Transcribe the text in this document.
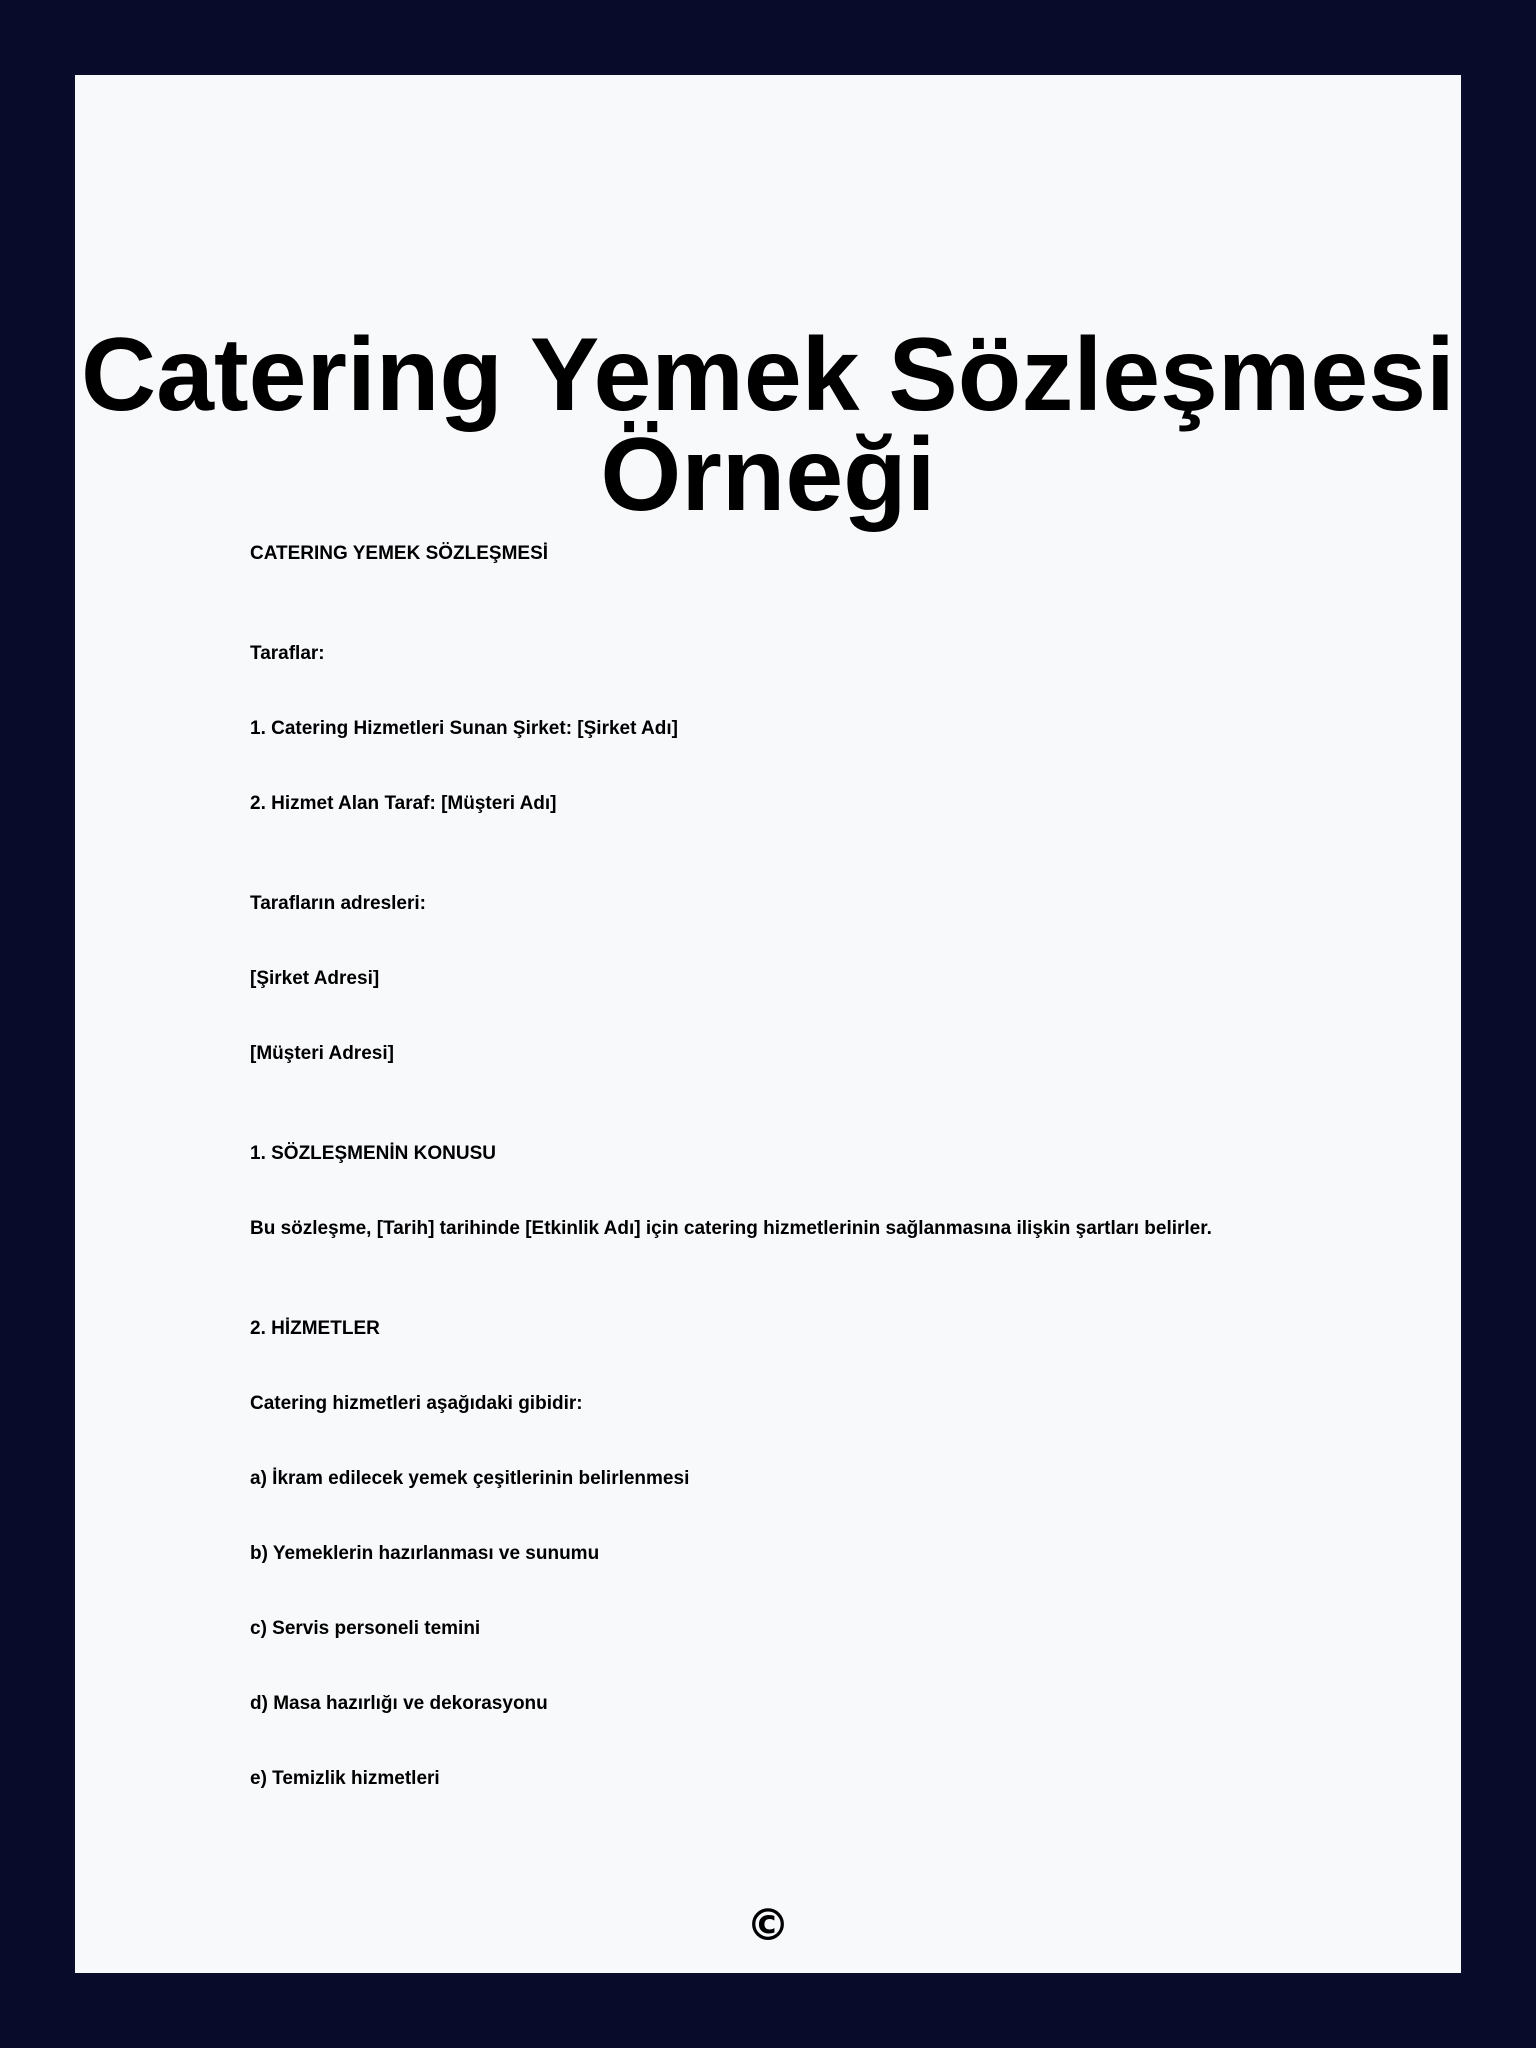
Catering Yemek Sözleşmesi
Örneği

CATERING YEMEK SÖZLEŞMESİ

Taraflar:

1. Catering Hizmetleri Sunan Şirket: [Şirket Adı]

2. Hizmet Alan Taraf: [Müşteri Adı]

Tarafların adresleri:

[Şirket Adresi]

[Müşteri Adresi]

1. SÖZLEŞMENİN KONUSU

Bu sözleşme, [Tarih] tarihinde [Etkinlik Adı] için catering hizmetlerinin sağlanmasına ilişkin şartları belirler.

2. HİZMETLER

Catering hizmetleri aşağıdaki gibidir:

a) İkram edilecek yemek çeşitlerinin belirlenmesi

b) Yemeklerin hazırlanması ve sunumu

c) Servis personeli temini

d) Masa hazırlığı ve dekorasyonu

e) Temizlik hizmetleri

©
